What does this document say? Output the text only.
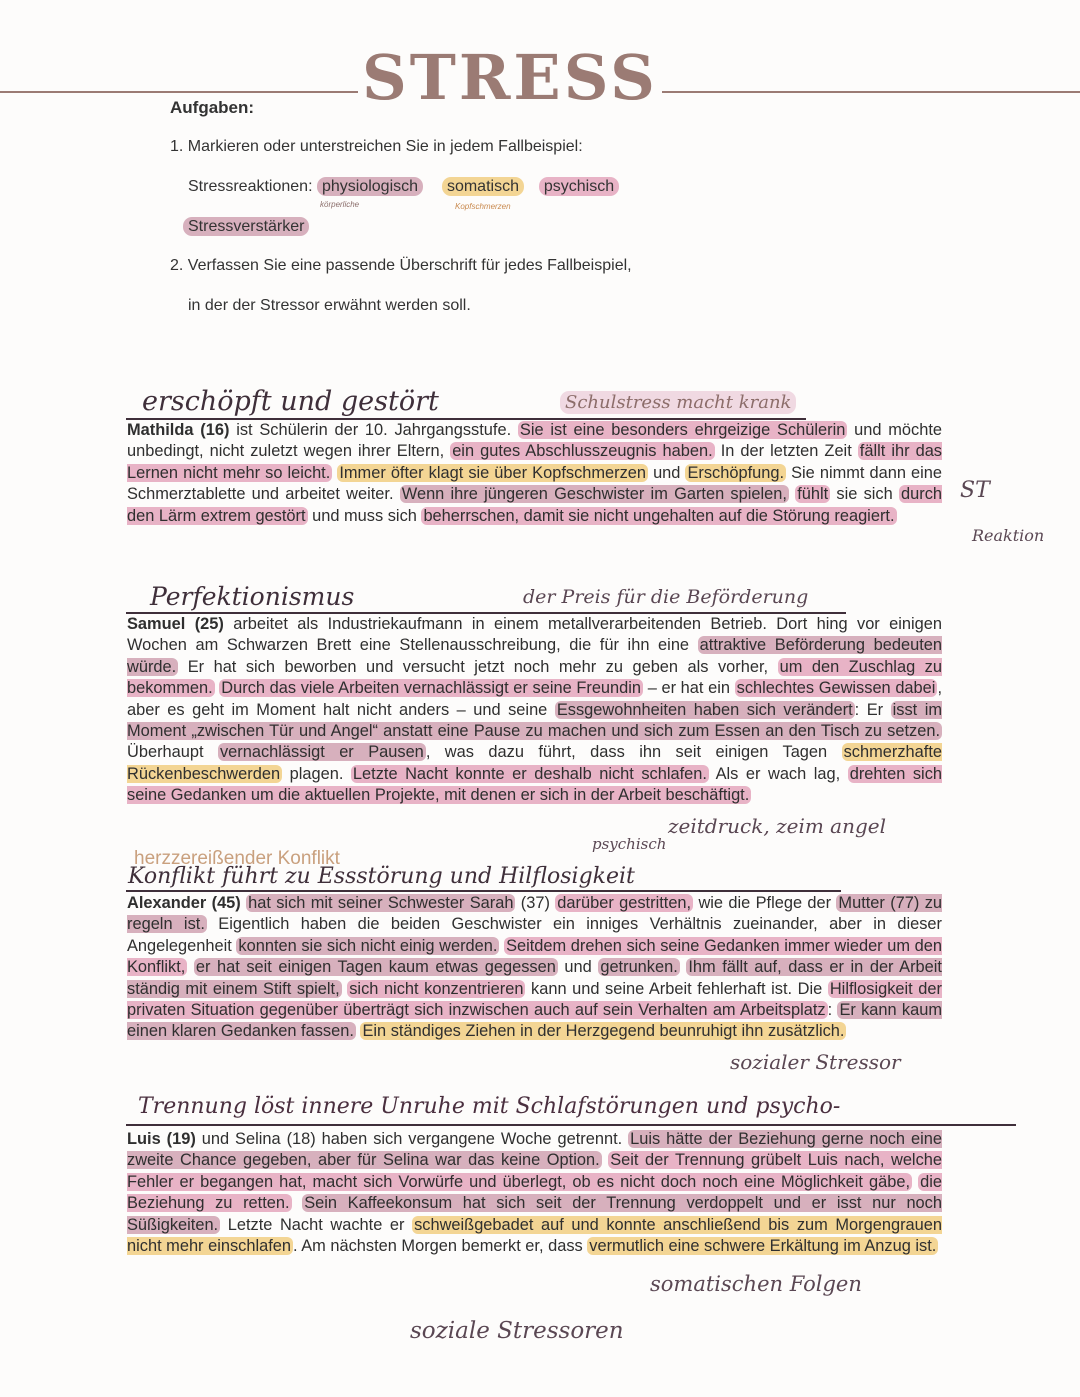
STRESS
Aufgaben:
1. Markieren oder unterstreichen Sie in jedem Fallbeispiel:
Stressreaktionen: physiologisch somatisch psychisch
körperliche	Kopfschmerzen
Stressverstärker
2. Verfassen Sie eine passende Überschrift für jedes Fallbeispiel,
in der der Stressor erwähnt werden soll.
erschöpft und gestört	Schulstress macht krank
Mathilda (16) ist Schülerin der 10. Jahrgangsstufe. Sie ist eine besonders ehrgeizige Schülerin und möchte unbedingt, nicht zuletzt wegen ihrer Eltern, ein gutes Abschlusszeugnis haben. In der letzten Zeit fällt ihr das Lernen nicht mehr so leicht. Immer öfter klagt sie über Kopfschmerzen und Erschöpfung. Sie nimmt dann eine Schmerztablette und arbeitet weiter. Wenn ihre jüngeren Geschwister im Garten spielen, fühlt sie sich durch den Lärm extrem gestört und muss sich beherrschen, damit sie nicht ungehalten auf die Störung reagiert.
ST
Reaktion
Perfektionismus	der Preis für die Beförderung
Samuel (25) arbeitet als Industriekaufmann in einem metallverarbeitenden Betrieb. Dort hing vor einigen Wochen am Schwarzen Brett eine Stellenausschreibung, die für ihn eine attraktive Beförderung bedeuten würde. Er hat sich beworben und versucht jetzt noch mehr zu geben als vorher, um den Zuschlag zu bekommen. Durch das viele Arbeiten vernachlässigt er seine Freundin – er hat ein schlechtes Gewissen dabei , aber es geht im Moment halt nicht anders – und seine Essgewohnheiten haben sich verändert : Er isst im Moment „zwischen Tür und Angel“ anstatt eine Pause zu machen und sich zum Essen an den Tisch zu setzen. Überhaupt vernachlässigt er Pausen , was dazu führt, dass ihn seit einigen Tagen schmerzhafte Rückenbeschwerden plagen. Letzte Nacht konnte er deshalb nicht schlafen. Als er wach lag, drehten sich seine Gedanken um die aktuellen Projekte, mit denen er sich in der Arbeit beschäftigt.
zeitdruck, zeim angel
psychisch
herzzereißender Konflikt
Konflikt führt zu Essstörung und Hilflosigkeit
Alexander (45) hat sich mit seiner Schwester Sarah (37) darüber gestritten, wie die Pflege der Mutter (77) zu regeln ist. Eigentlich haben die beiden Geschwister ein inniges Verhältnis zueinander, aber in dieser Angelegenheit konnten sie sich nicht einig werden. Seitdem drehen sich seine Gedanken immer wieder um den Konflikt, er hat seit einigen Tagen kaum etwas gegessen und getrunken. Ihm fällt auf, dass er in der Arbeit ständig mit einem Stift spielt, sich nicht konzentrieren kann und seine Arbeit fehlerhaft ist. Die Hilflosigkeit der privaten Situation gegenüber überträgt sich inzwischen auch auf sein Verhalten am Arbeitsplatz : Er kann kaum einen klaren Gedanken fassen. Ein ständiges Ziehen in der Herzgegend beunruhigt ihn zusätzlich.
sozialer Stressor
Trennung löst innere Unruhe mit Schlafstörungen und psycho-
Luis (19) und Selina (18) haben sich vergangene Woche getrennt. Luis hätte der Beziehung gerne noch eine zweite Chance gegeben, aber für Selina war das keine Option. Seit der Trennung grübelt Luis nach, welche Fehler er begangen hat, macht sich Vorwürfe und überlegt, ob es nicht doch noch eine Möglichkeit gäbe, die Beziehung zu retten. Sein Kaffeekonsum hat sich seit der Trennung verdoppelt und er isst nur noch Süßigkeiten. Letzte Nacht wachte er schweißgebadet auf und konnte anschließend bis zum Morgengrauen nicht mehr einschlafen . Am nächsten Morgen bemerkt er, dass vermutlich eine schwere Erkältung im Anzug ist.
somatischen Folgen
soziale Stressoren
